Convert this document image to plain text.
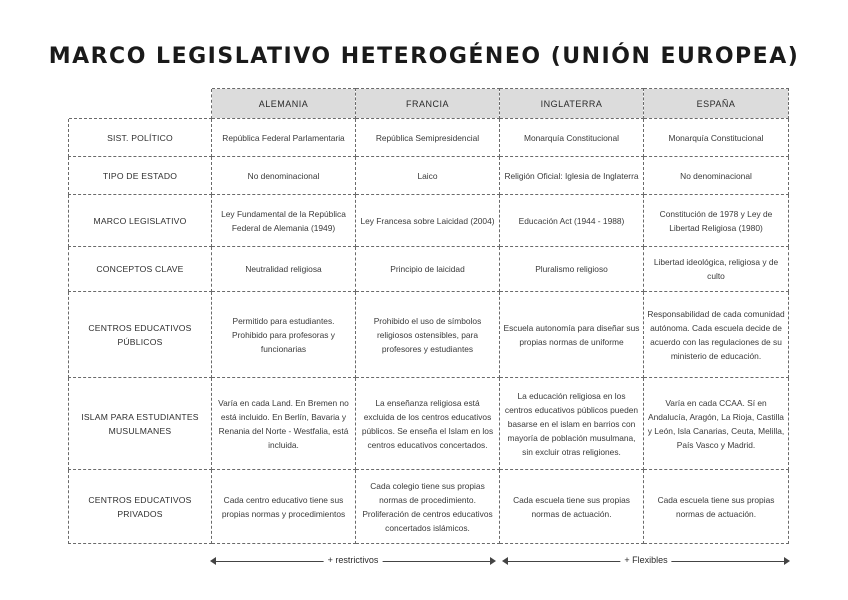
MARCO LEGISLATIVO HETEROGÉNEO (UNIÓN EUROPEA)
	ALEMANIA	FRANCIA	INGLATERRA	ESPAÑA
SIST. POLÍTICO	República Federal Parlamentaria	República Semipresidencial	Monarquía Constitucional	Monarquía Constitucional
TIPO DE ESTADO	No denominacional	Laico	Religión Oficial: Iglesia de Inglaterra	No denominacional
MARCO LEGISLATIVO	Ley Fundamental de la República Federal de Alemania (1949)	Ley Francesa sobre Laicidad (2004)	Educación Act (1944 - 1988)	Constitución de 1978 y Ley de Libertad Religiosa (1980)
CONCEPTOS CLAVE	Neutralidad religiosa	Principio de laicidad	Pluralismo religioso	Libertad ideológica, religiosa y de culto
CENTROS EDUCATIVOS PÚBLICOS	Permitido para estudiantes. Prohibido para profesoras y funcionarias	Prohibido el uso de símbolos religiosos ostensibles, para profesores y estudiantes	Escuela autonomía para diseñar sus propias normas de uniforme	Responsabilidad de cada comunidad autónoma. Cada escuela decide de acuerdo con las regulaciones de su ministerio de educación.
ISLAM PARA ESTUDIANTES MUSULMANES	Varía en cada Land. En Bremen no está incluido. En Berlín, Bavaria y Renania del Norte - Westfalia, está incluida.	La enseñanza religiosa está excluida de los centros educativos públicos. Se enseña el Islam en los centros educativos concertados.	La educación religiosa en los centros educativos públicos pueden basarse en el islam en barrios con mayoría de población musulmana, sin excluir otras religiones.	Varía en cada CCAA. Sí en Andalucía, Aragón, La Rioja, Castilla y León, Isla Canarias, Ceuta, Melilla, País Vasco y Madrid.
CENTROS EDUCATIVOS PRIVADOS	Cada centro educativo tiene sus propias normas y procedimientos	Cada colegio tiene sus propias normas de procedimiento. Proliferación de centros educativos concertados islámicos.	Cada escuela tiene sus propias normas de actuación.	Cada escuela tiene sus propias normas de actuación.
+ restrictivos	+ Flexibles
